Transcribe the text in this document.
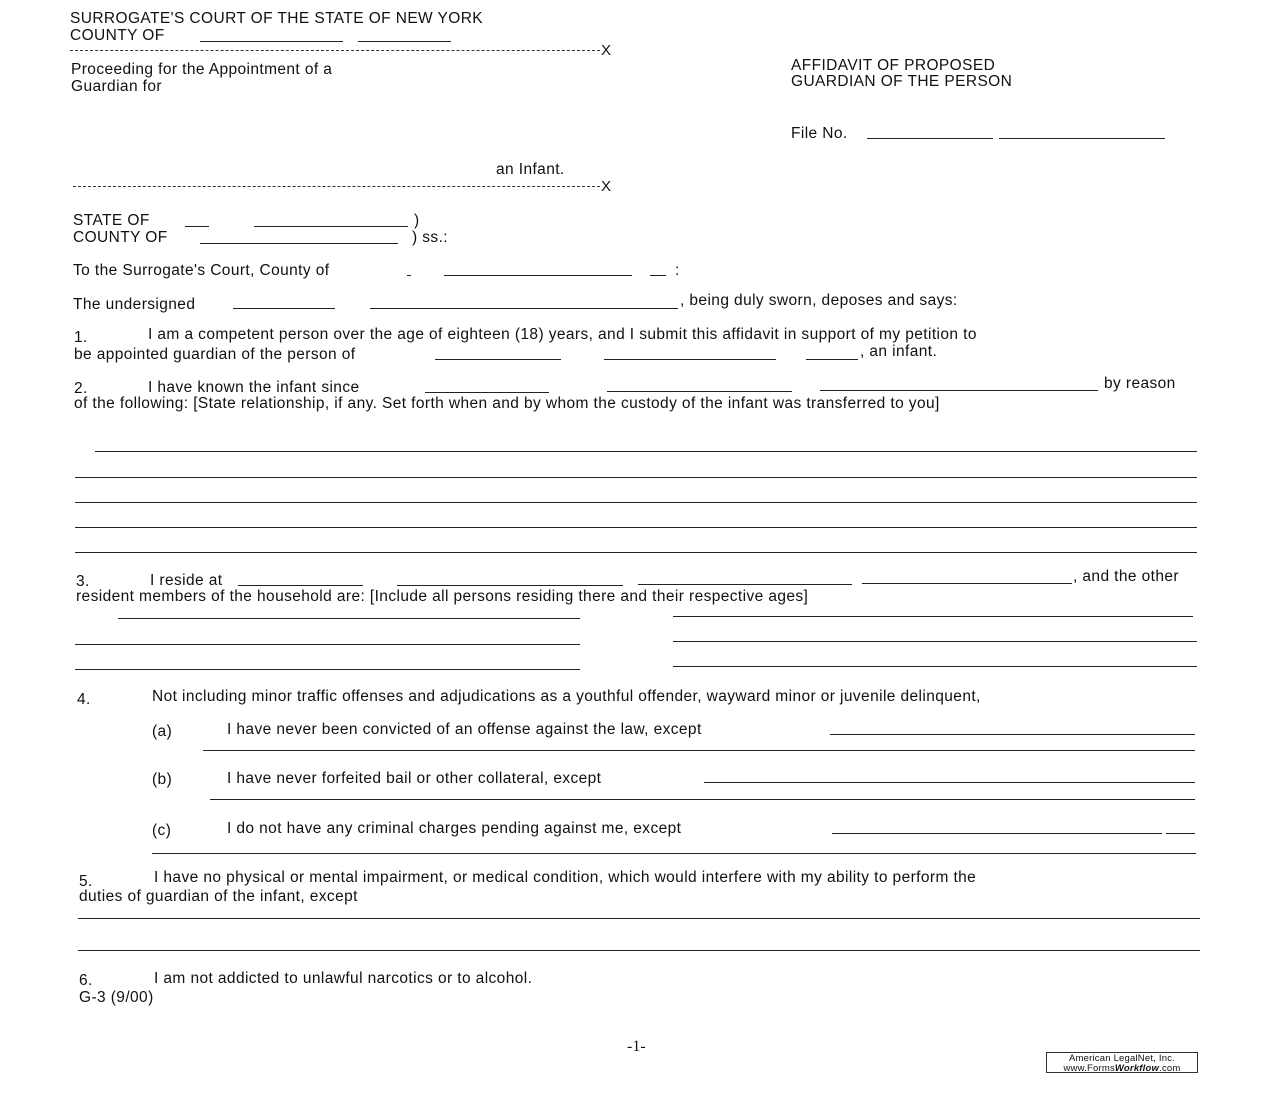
SURROGATE'S COURT OF THE STATE OF NEW YORK
COUNTY OF
X
Proceeding for the Appointment of a
Guardian for
an Infant.
X
AFFIDAVIT OF PROPOSED
GUARDIAN OF THE PERSON
File No.
STATE OF	)
COUNTY OF	) ss.:
To the Surrogate's Court, County of	:
The undersigned	, being duly sworn, deposes and says:
1.	I am a competent person over the age of eighteen (18) years, and I submit this affidavit in support of my petition to
be appointed guardian of the person of	, an infant.
2.	I have known the infant since	by reason
of the following: [State relationship, if any. Set forth when and by whom the custody of the infant was transferred to you]
3.	I reside at	, and the other
resident members of the household are: [Include all persons residing there and their respective ages]
4.	Not including minor traffic offenses and adjudications as a youthful offender, wayward minor or juvenile delinquent,
(a)	I have never been convicted of an offense against the law, except
(b)	I have never forfeited bail or other collateral, except
(c)	I do not have any criminal charges pending against me, except
5.	I have no physical or mental impairment, or medical condition, which would interfere with my ability to perform the
duties of guardian of the infant, except
6.	I am not addicted to unlawful narcotics or to alcohol.
G-3 (9/00)
-1-
American LegalNet, Inc.
www.FormsWorkflow.com
